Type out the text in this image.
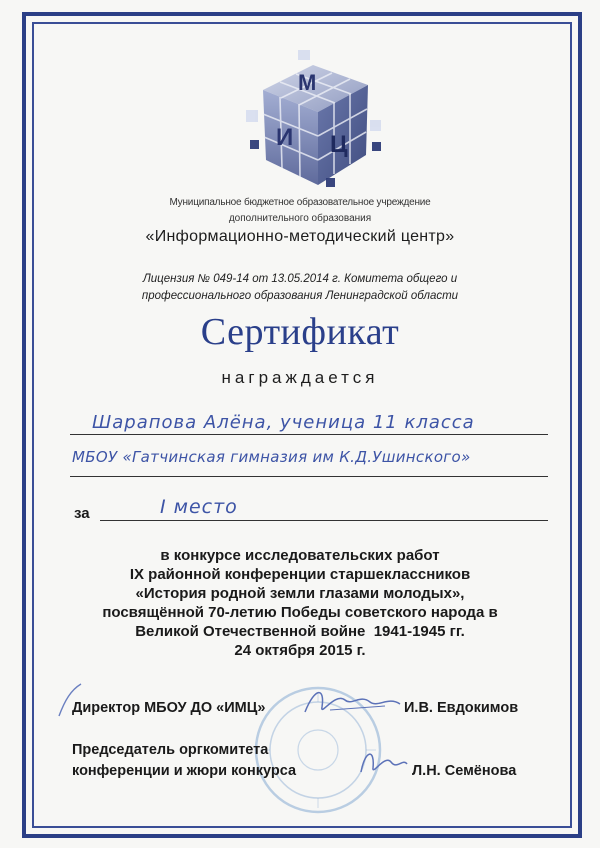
M
И Ц
Муниципальное бюджетное образовательное учреждение
дополнительного образования
«Информационно-методический центр»
Лицензия № 049-14 от 13.05.2014 г. Комитета общего и
профессионального образования Ленинградской области
Сертификат
награждается
Шарапова Алёна, ученица 11 класса
МБОУ «Гатчинская гимназия им К.Д.Ушинского»
за	I место
в конкурсе исследовательских работ
IX районной конференции старшеклассников
«История родной земли глазами молодых»,
посвящённой 70-летию Победы советского народа в
Великой Отечественной войне  1941-1945 гг.
24 октября 2015 г.
Директор МБОУ ДО «ИМЦ»	И.В. Евдокимов
Председатель оргкомитета
конференции и жюри конкурса	Л.Н. Семёнова
